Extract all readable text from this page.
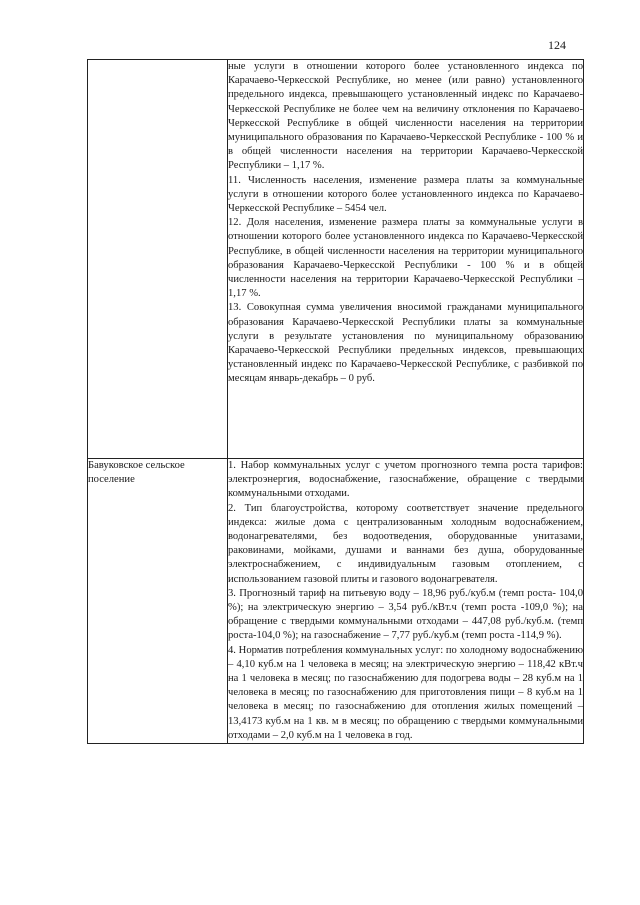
124

	ные услуги в отношении которого более установленного индекса по Карачаево-Черкесской Республике, но менее (или равно) установленного предельного индекса, превышающего установленный индекс по Карачаево-Черкесской Республике не более чем на величину отклонения по Карачаево-Черкесской Республике в общей численности населения на территории муниципального образования по Карачаево-Черкесской Республике - 100 % и в общей численности населения на территории Карачаево-Черкесской Республики – 1,17 %.

11. Численность населения, изменение размера платы за коммунальные услуги в отношении которого более установленного индекса по Карачаево-Черкесской Республике – 5454 чел.

12. Доля населения, изменение размера платы за коммунальные услуги в отношении которого более установленного индекса по Карачаево-Черкесской Республике, в общей численности населения на территории муниципального образования Карачаево-Черкесской Республики - 100 % и в общей численности населения на территории Карачаево-Черкесской Республики – 1,17 %.

13. Совокупная сумма увеличения вносимой гражданами муниципального образования Карачаево-Черкесской Республики платы за коммунальные услуги в результате установления по муниципальному образованию Карачаево-Черкесской Республики предельных индексов, превышающих установленный индекс по Карачаево-Черкесской Республике, с разбивкой по месяцам январь-декабрь – 0 руб.

Бавуковское сельское поселение	1. Набор коммунальных услуг с учетом прогнозного темпа роста тарифов: электроэнергия, водоснабжение, газоснабжение, обращение с твердыми коммунальными отходами.

2. Тип благоустройства, которому соответствует значение предельного индекса: жилые дома с централизованным холодным водоснабжением, водонагревателями, без водоотведения, оборудованные унитазами, раковинами, мойками, душами и ваннами без душа, оборудованные электроснабжением, с индивидуальным газовым отоплением, с использованием газовой плиты и газового водонагревателя.

3. Прогнозный тариф на питьевую воду – 18,96 руб./куб.м (темп роста- 104,0 %); на электрическую энергию – 3,54 руб./кВт.ч (темп роста -109,0 %); на обращение с твердыми коммунальными отходами – 447,08 руб./куб.м. (темп роста-104,0 %); на газоснабжение – 7,77 руб./куб.м (темп роста -114,9 %).

4. Норматив потребления коммунальных услуг: по холодному водоснабжению – 4,10 куб.м на 1 человека в месяц; на электрическую энергию – 118,42 кВт.ч на 1 человека в месяц; по газоснабжению для подогрева воды – 28 куб.м на 1 человека в месяц; по газоснабжению для приготовления пищи – 8 куб.м на 1 человека в месяц; по газоснабжению для отопления жилых помещений – 13,4173 куб.м на 1 кв. м в месяц; по обращению с твердыми коммунальными отходами – 2,0 куб.м на 1 человека в год.
